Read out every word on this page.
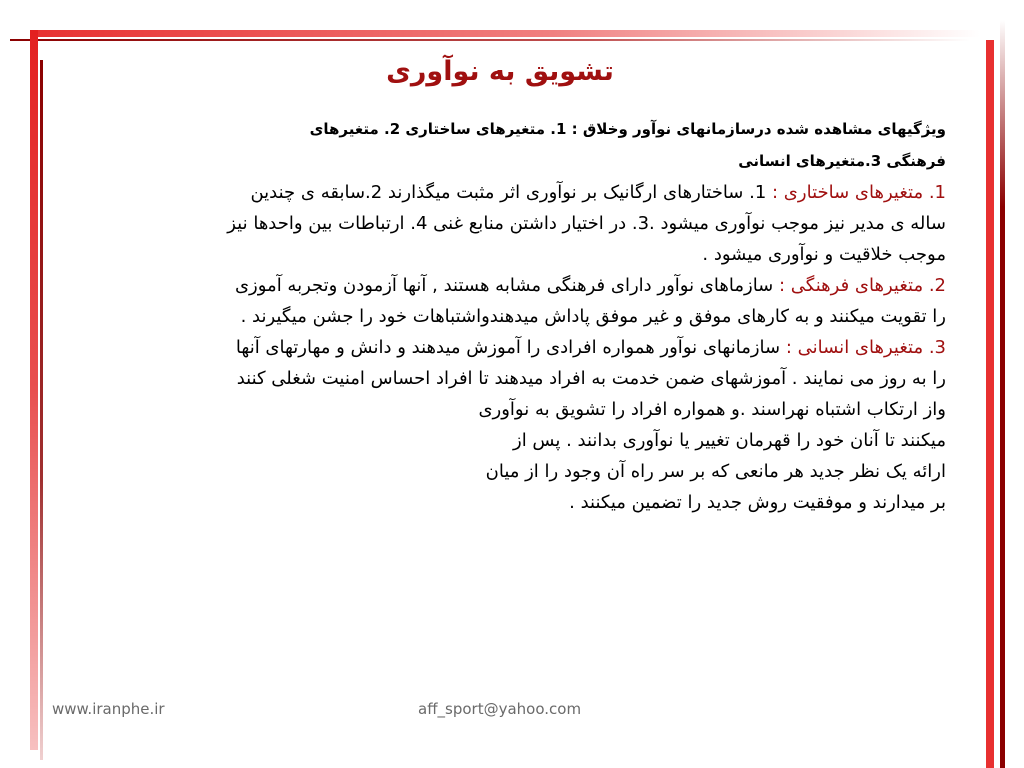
تشویق به نوآوری

ویژگیهای مشاهده شده درسازمانهای نوآور وخلاق : 1. متغیرهای ساختاری 2. متغیرهای

فرهنگی 3.متغیرهای انسانی

1. متغیرهای ساختاری : 1. ساختارهای ارگانیک بر نوآوری اثر مثبت میگذارند 2.سابقه ی چندین

ساله ی مدیر نیز موجب نوآوری میشود .3. در اختیار داشتن منابع غنی 4. ارتباطات بین واحدها نیز

موجب خلاقیت و نوآوری میشود .

2. متغیرهای فرهنگی : سازماهای نوآور دارای فرهنگی مشابه هستند , آنها آزمودن وتجربه آموزی

را تقویت میکنند و به کارهای موفق و غیر موفق پاداش میدهندواشتباهات خود را جشن میگیرند .

3. متغیرهای انسانی : سازمانهای نوآور همواره افرادی را آموزش میدهند و دانش و مهارتهای آنها

را به روز می نمایند . آموزشهای ضمن خدمت به افراد میدهند تا افراد احساس امنیت شغلی کنند

واز ارتکاب اشتباه نهراسند .و همواره افراد را تشویق به نوآوری

میکنند تا آنان خود را قهرمان تغییر یا نوآوری بدانند . پس از

ارائه یک نظر جدید هر مانعی که بر سر راه آن وجود را از میان

بر میدارند و موفقیت روش جدید را تضمین میکنند .

www.iranphe.ir	aff_sport@yahoo.com
